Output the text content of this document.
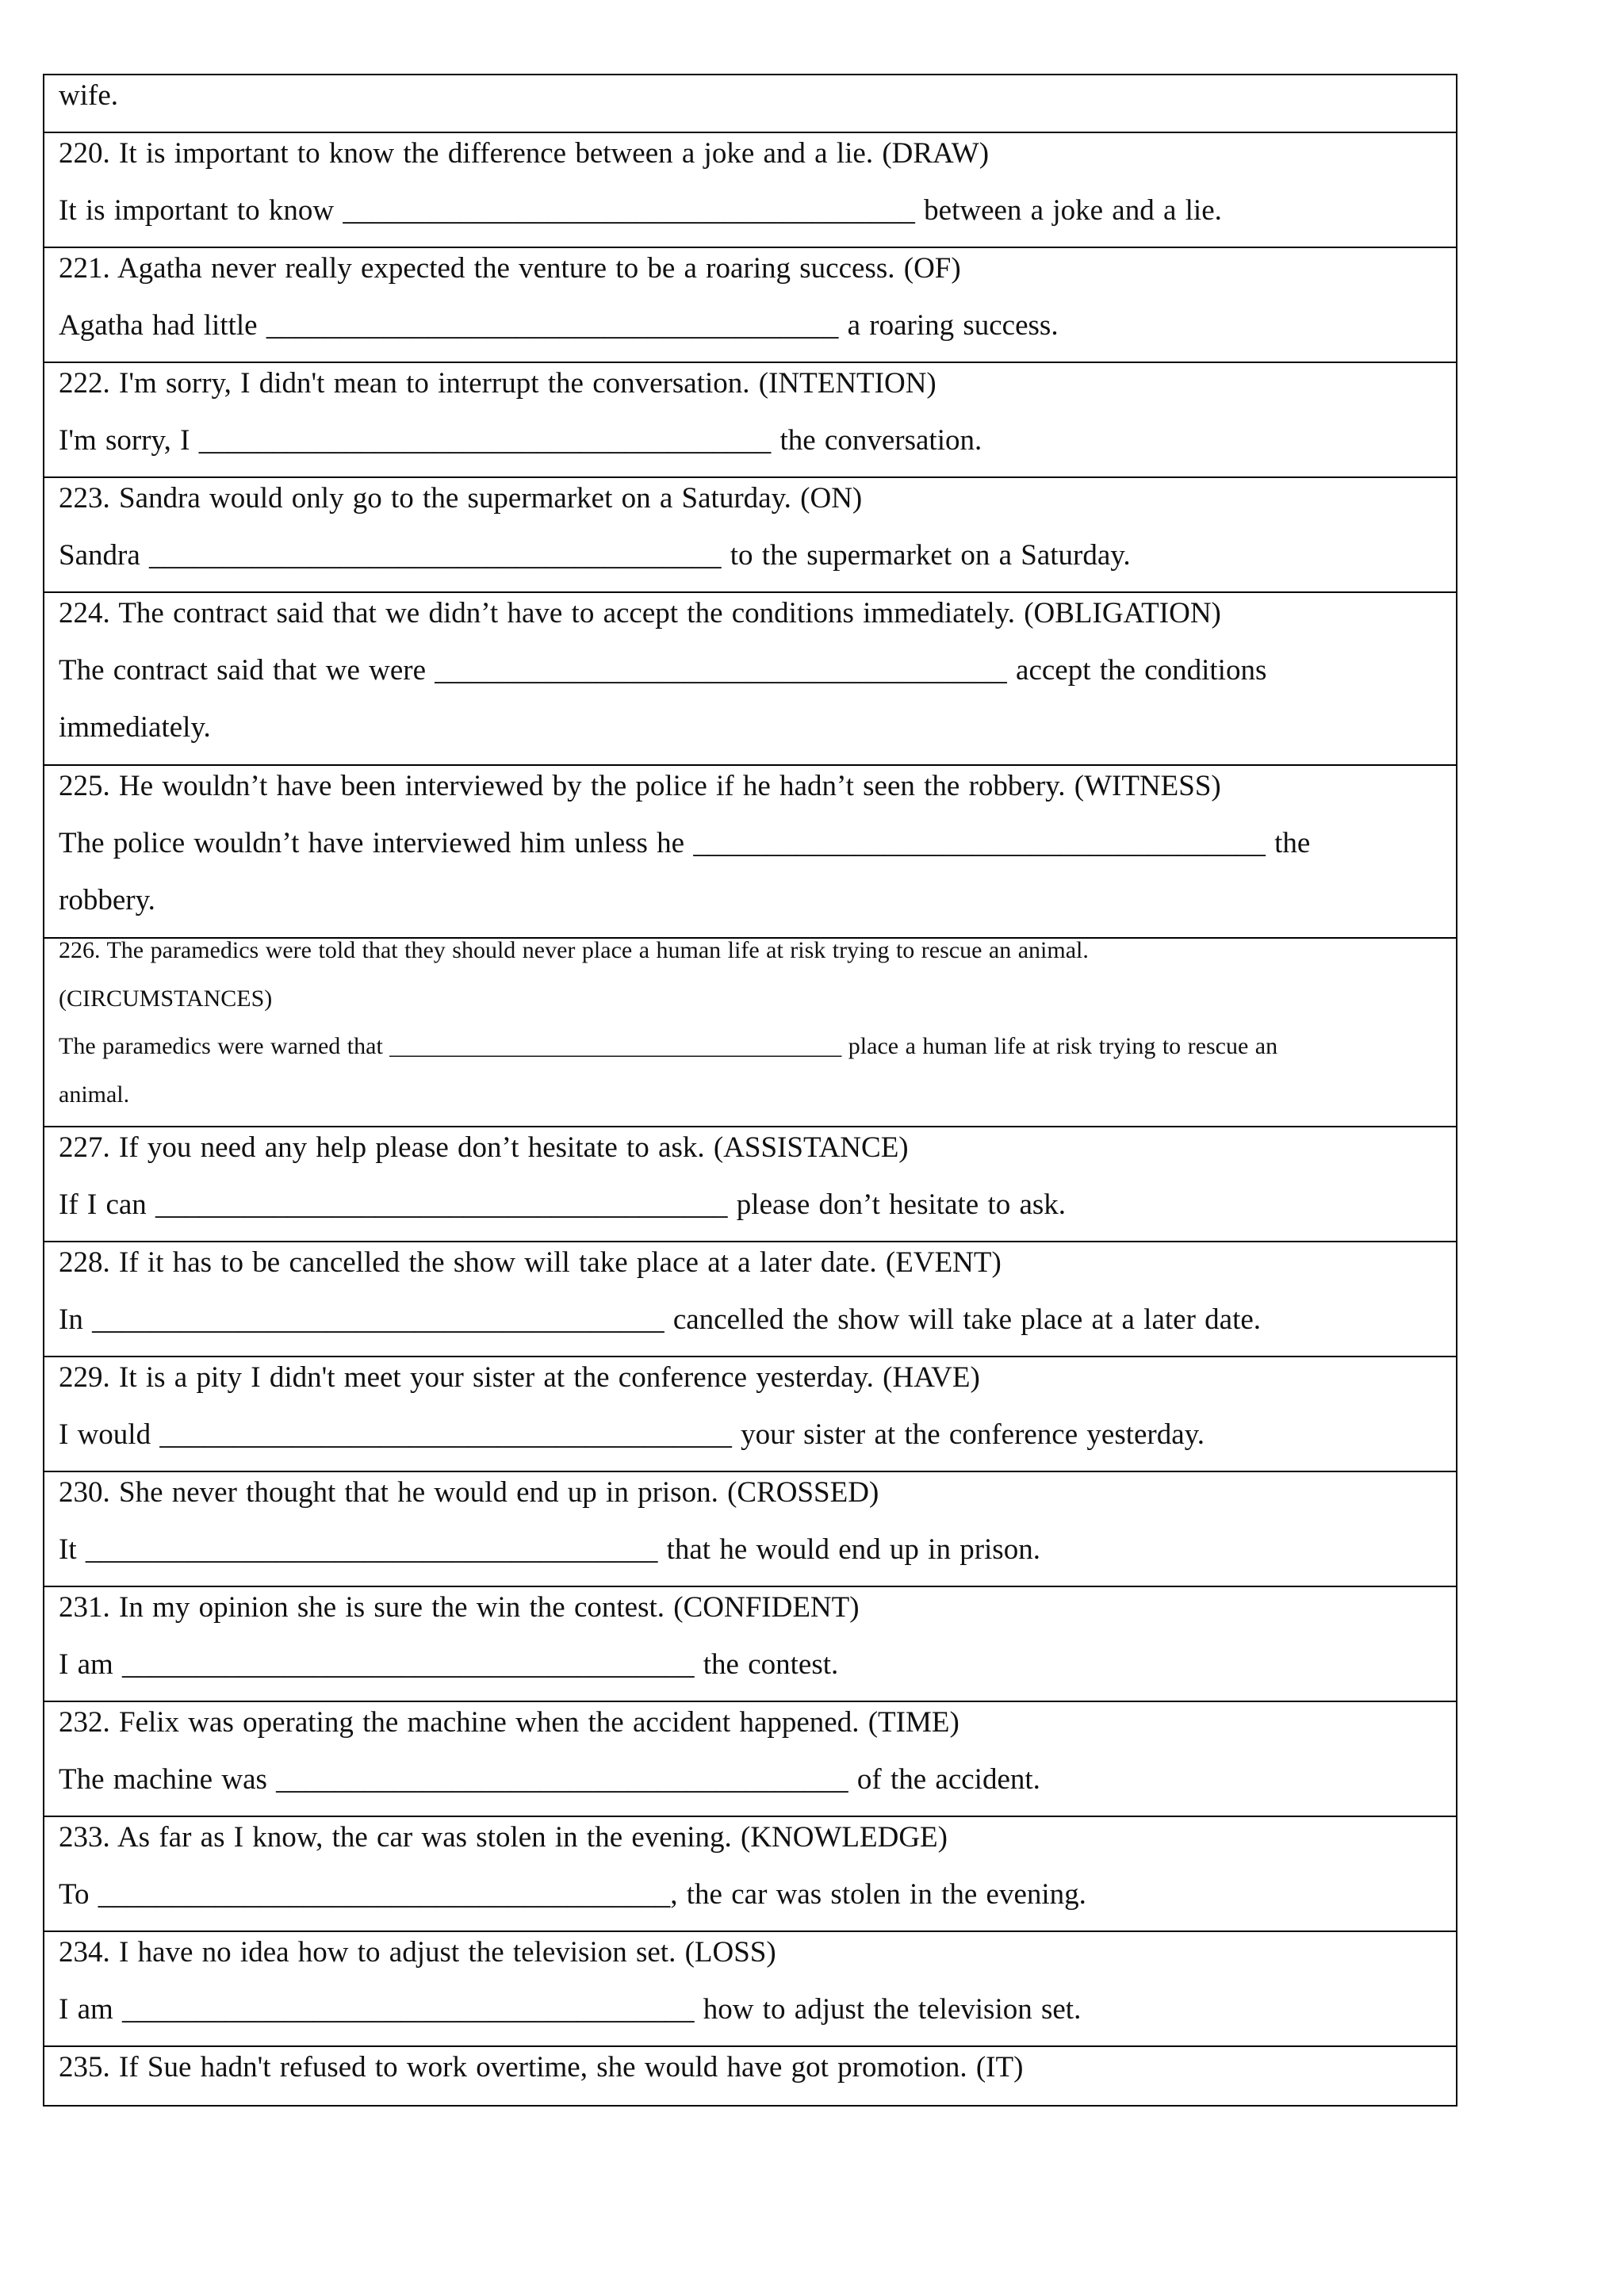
wife.
220. It is important to know the difference between a joke and a lie. (DRAW)
It is important to know _______________________________________ between a joke and a lie.
221. Agatha never really expected the venture to be a roaring success. (OF)
Agatha had little _______________________________________ a roaring success.
222. I'm sorry, I didn't mean to interrupt the conversation. (INTENTION)
I'm sorry, I _______________________________________ the conversation.
223. Sandra would only go to the supermarket on a Saturday. (ON)
Sandra _______________________________________ to the supermarket on a Saturday.
224. The contract said that we didn’t have to accept the conditions immediately. (OBLIGATION)
The contract said that we were _______________________________________ accept the conditions
immediately.
225. He wouldn’t have been interviewed by the police if he hadn’t seen the robbery. (WITNESS)
The police wouldn’t have interviewed him unless he _______________________________________ the
robbery.
226. The paramedics were told that they should never place a human life at risk trying to rescue an animal.
(CIRCUMSTANCES)
The paramedics were warned that ______________________________________ place a human life at risk trying to rescue an
animal.
227. If you need any help please don’t hesitate to ask. (ASSISTANCE)
If I can _______________________________________ please don’t hesitate to ask.
228. If it has to be cancelled the show will take place at a later date. (EVENT)
In _______________________________________ cancelled the show will take place at a later date.
229. It is a pity I didn't meet your sister at the conference yesterday. (HAVE)
I would _______________________________________ your sister at the conference yesterday.
230. She never thought that he would end up in prison. (CROSSED)
It _______________________________________ that he would end up in prison.
231. In my opinion she is sure the win the contest. (CONFIDENT)
I am _______________________________________ the contest.
232. Felix was operating the machine when the accident happened. (TIME)
The machine was _______________________________________ of the accident.
233. As far as I know, the car was stolen in the evening. (KNOWLEDGE)
To _______________________________________, the car was stolen in the evening.
234. I have no idea how to adjust the television set. (LOSS)
I am _______________________________________ how to adjust the television set.
235. If Sue hadn't refused to work overtime, she would have got promotion. (IT)
